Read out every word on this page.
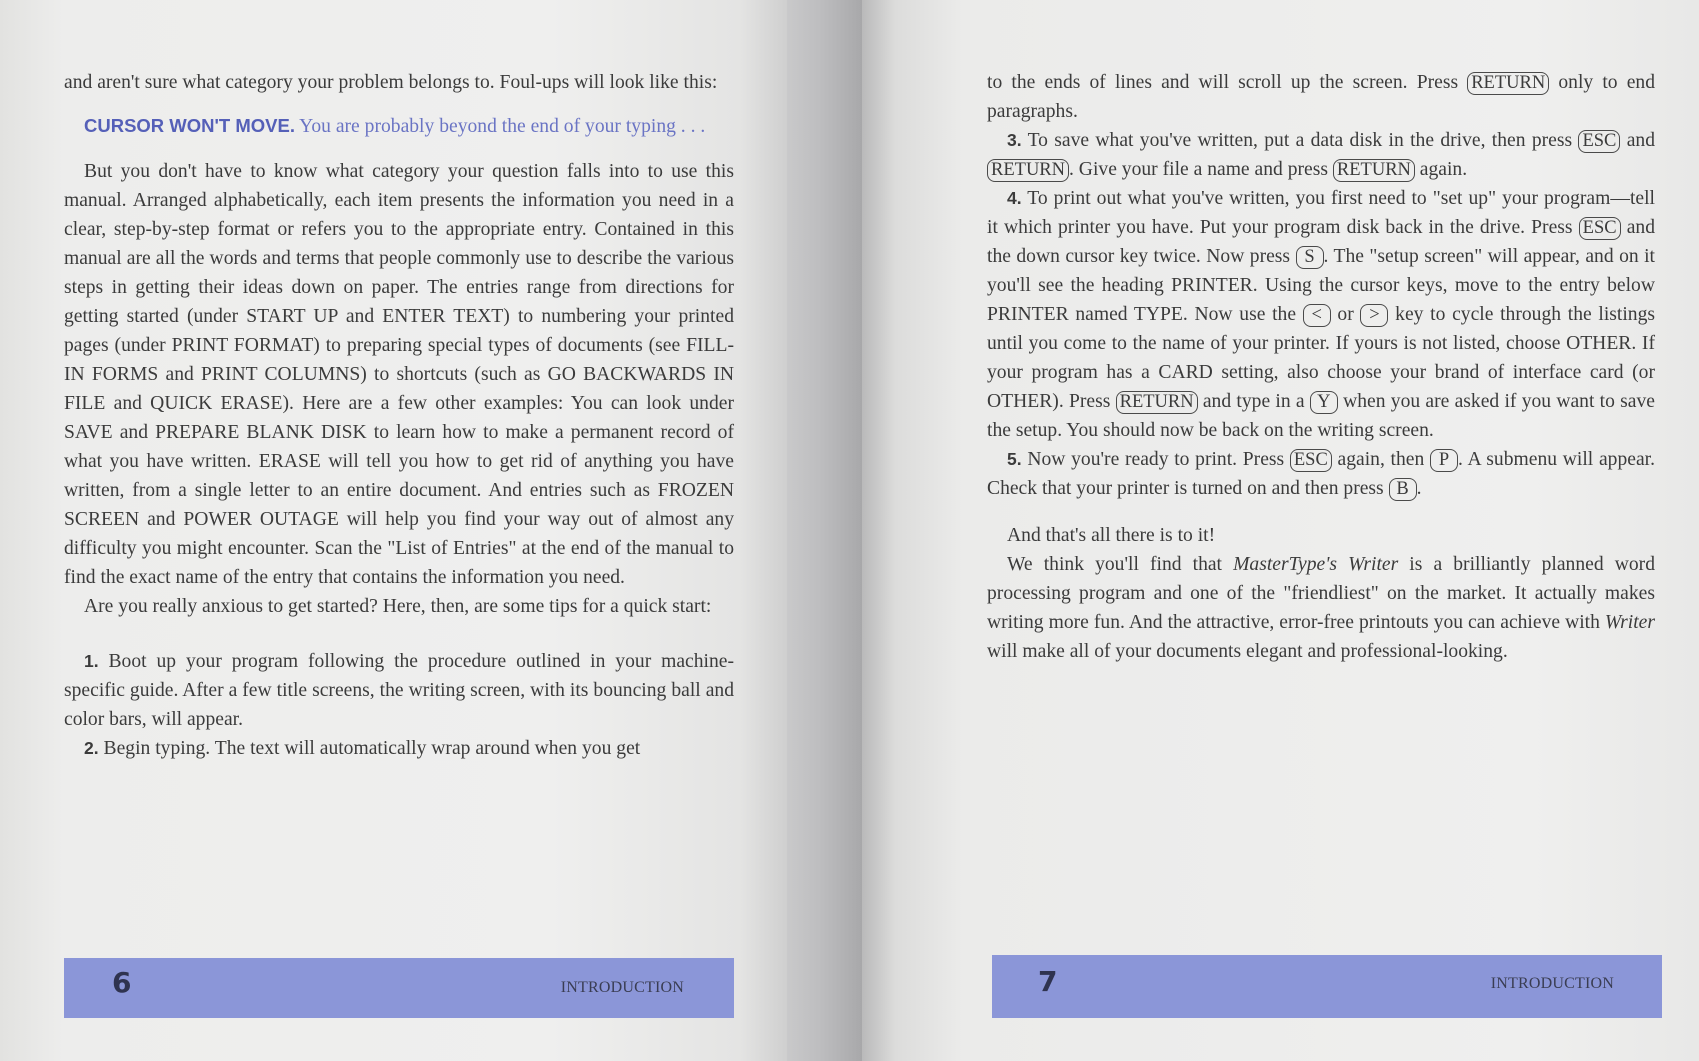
and aren't sure what category your problem belongs to. Foul-ups will look like this:

CURSOR WON'T MOVE. You are probably beyond the end of your typing . . .

But you don't have to know what category your question falls into to use this manual. Arranged alphabetically, each item presents the information you need in a clear, step-by-step format or refers you to the appropriate entry. Contained in this manual are all the words and terms that people commonly use to describe the various steps in getting their ideas down on paper. The entries range from directions for getting started (under START UP and ENTER TEXT) to numbering your printed pages (under PRINT FORMAT) to preparing special types of documents (see FILL-IN FORMS and PRINT COLUMNS) to shortcuts (such as GO BACKWARDS IN FILE and QUICK ERASE). Here are a few other examples: You can look under SAVE and PREPARE BLANK DISK to learn how to make a permanent record of what you have written. ERASE will tell you how to get rid of anything you have written, from a single letter to an entire document. And entries such as FROZEN SCREEN and POWER OUTAGE will help you find your way out of almost any difficulty you might encounter. Scan the "List of Entries" at the end of the manual to find the exact name of the entry that contains the information you need.

Are you really anxious to get started? Here, then, are some tips for a quick start:

1. Boot up your program following the procedure outlined in your machine-specific guide. After a few title screens, the writing screen, with its bouncing ball and color bars, will appear.

2. Begin typing. The text will automatically wrap around when you get

to the ends of lines and will scroll up the screen. Press RETURN only to end paragraphs.

3. To save what you've written, put a data disk in the drive, then press ESC and RETURN . Give your file a name and press RETURN again.

4. To print out what you've written, you first need to "set up" your program—tell it which printer you have. Put your program disk back in the drive. Press ESC and the down cursor key twice. Now press S . The "setup screen" will appear, and on it you'll see the heading PRINTER. Using the cursor keys, move to the entry below PRINTER named TYPE. Now use the < or > key to cycle through the listings until you come to the name of your printer. If yours is not listed, choose OTHER. If your program has a CARD setting, also choose your brand of interface card (or OTHER). Press RETURN and type in a Y when you are asked if you want to save the setup. You should now be back on the writing screen.

5. Now you're ready to print. Press ESC again, then P . A submenu will appear. Check that your printer is turned on and then press B .

And that's all there is to it!

We think you'll find that MasterType's Writer is a brilliantly planned word processing program and one of the "friendliest" on the market. It actually makes writing more fun. And the attractive, error-free printouts you can achieve with Writer will make all of your documents elegant and professional-looking.

6	INTRODUCTION	7	INTRODUCTION
